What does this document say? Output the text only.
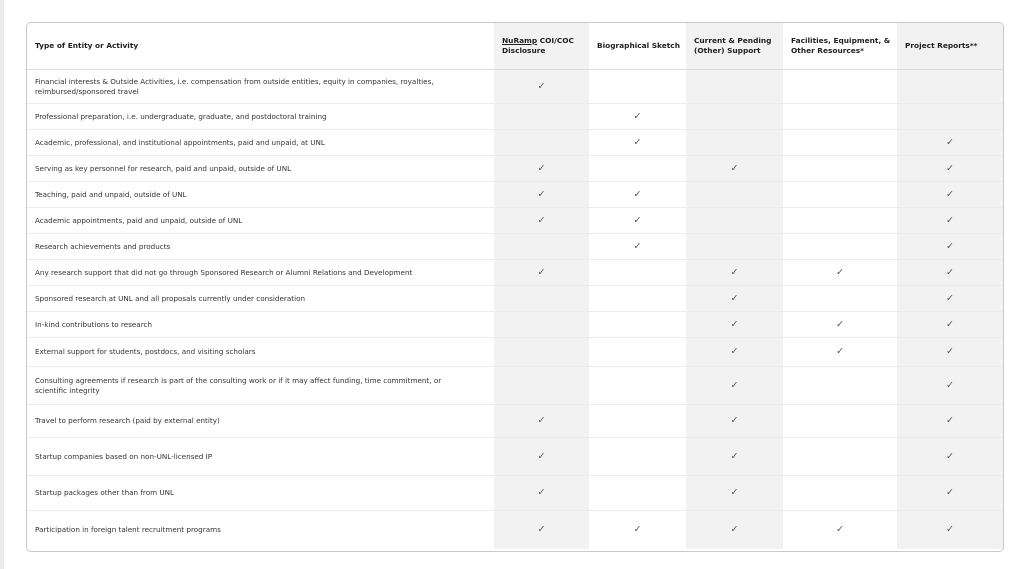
Type of Entity or Activity	NuRamp COI/COC Disclosure	Biographical Sketch	Current & Pending (Other) Support	Facilities, Equipment, & Other Resources*	Project Reports**
Financial interests & Outside Activities, i.e. compensation from outside entities, equity in companies, royalties, reimbursed/sponsored travel	✓				
Professional preparation, i.e. undergraduate, graduate, and postdoctoral training		✓			
Academic, professional, and institutional appointments, paid and unpaid, at UNL		✓			✓
Serving as key personnel for research, paid and unpaid, outside of UNL	✓		✓		✓
Teaching, paid and unpaid, outside of UNL	✓	✓			✓
Academic appointments, paid and unpaid, outside of UNL	✓	✓			✓
Research achievements and products		✓			✓
Any research support that did not go through Sponsored Research or Alumni Relations and Development	✓		✓	✓	✓
Sponsored research at UNL and all proposals currently under consideration			✓		✓
In-kind contributions to research			✓	✓	✓
External support for students, postdocs, and visiting scholars			✓	✓	✓
Consulting agreements if research is part of the consulting work or if it may affect funding, time commitment, or scientific integrity			✓		✓
Travel to perform research (paid by external entity)	✓		✓		✓
Startup companies based on non-UNL-licensed IP	✓		✓		✓
Startup packages other than from UNL	✓		✓		✓
Participation in foreign talent recruitment programs	✓	✓	✓	✓	✓
